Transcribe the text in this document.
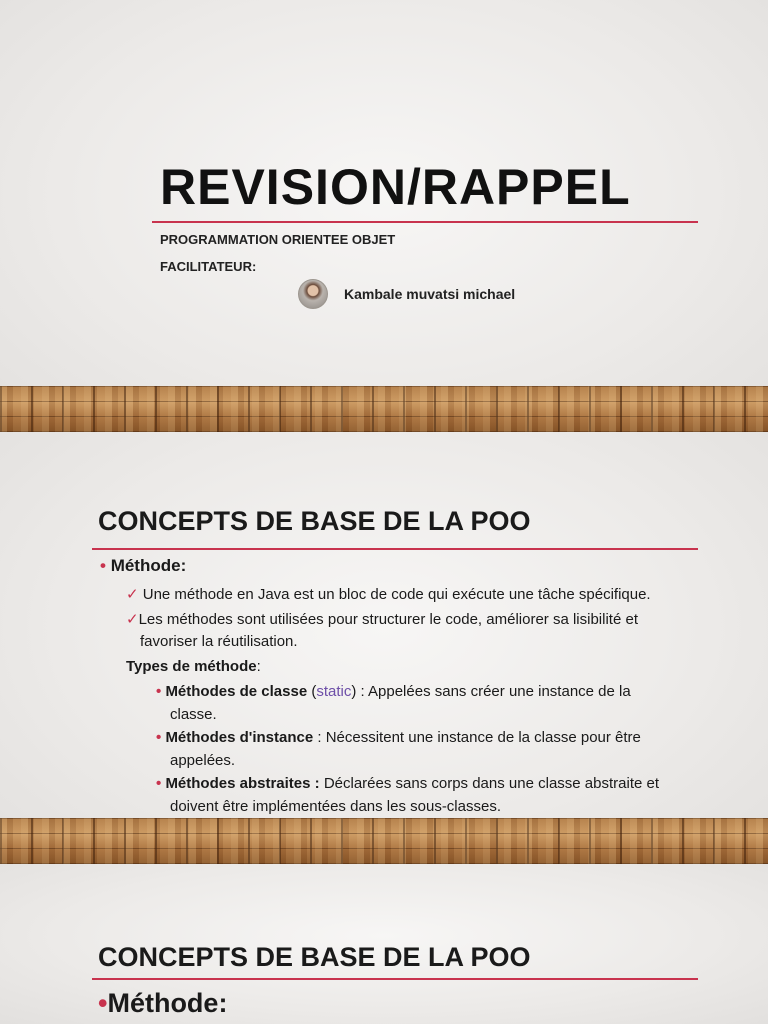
REVISION/RAPPEL
PROGRAMMATION ORIENTEE OBJET
FACILITATEUR:
Kambale muvatsi michael
CONCEPTS DE BASE DE LA POO
• Méthode:
✓ Une méthode en Java est un bloc de code qui exécute une tâche spécifique.
✓Les méthodes sont utilisées pour structurer le code, améliorer sa lisibilité et
favoriser la réutilisation.
Types de méthode:
• Méthodes de classe (static) : Appelées sans créer une instance de la
classe.
• Méthodes d'instance : Nécessitent une instance de la classe pour être
appelées.
• Méthodes abstraites : Déclarées sans corps dans une classe abstraite et
doivent être implémentées dans les sous-classes.
CONCEPTS DE BASE DE LA POO
•Méthode:
